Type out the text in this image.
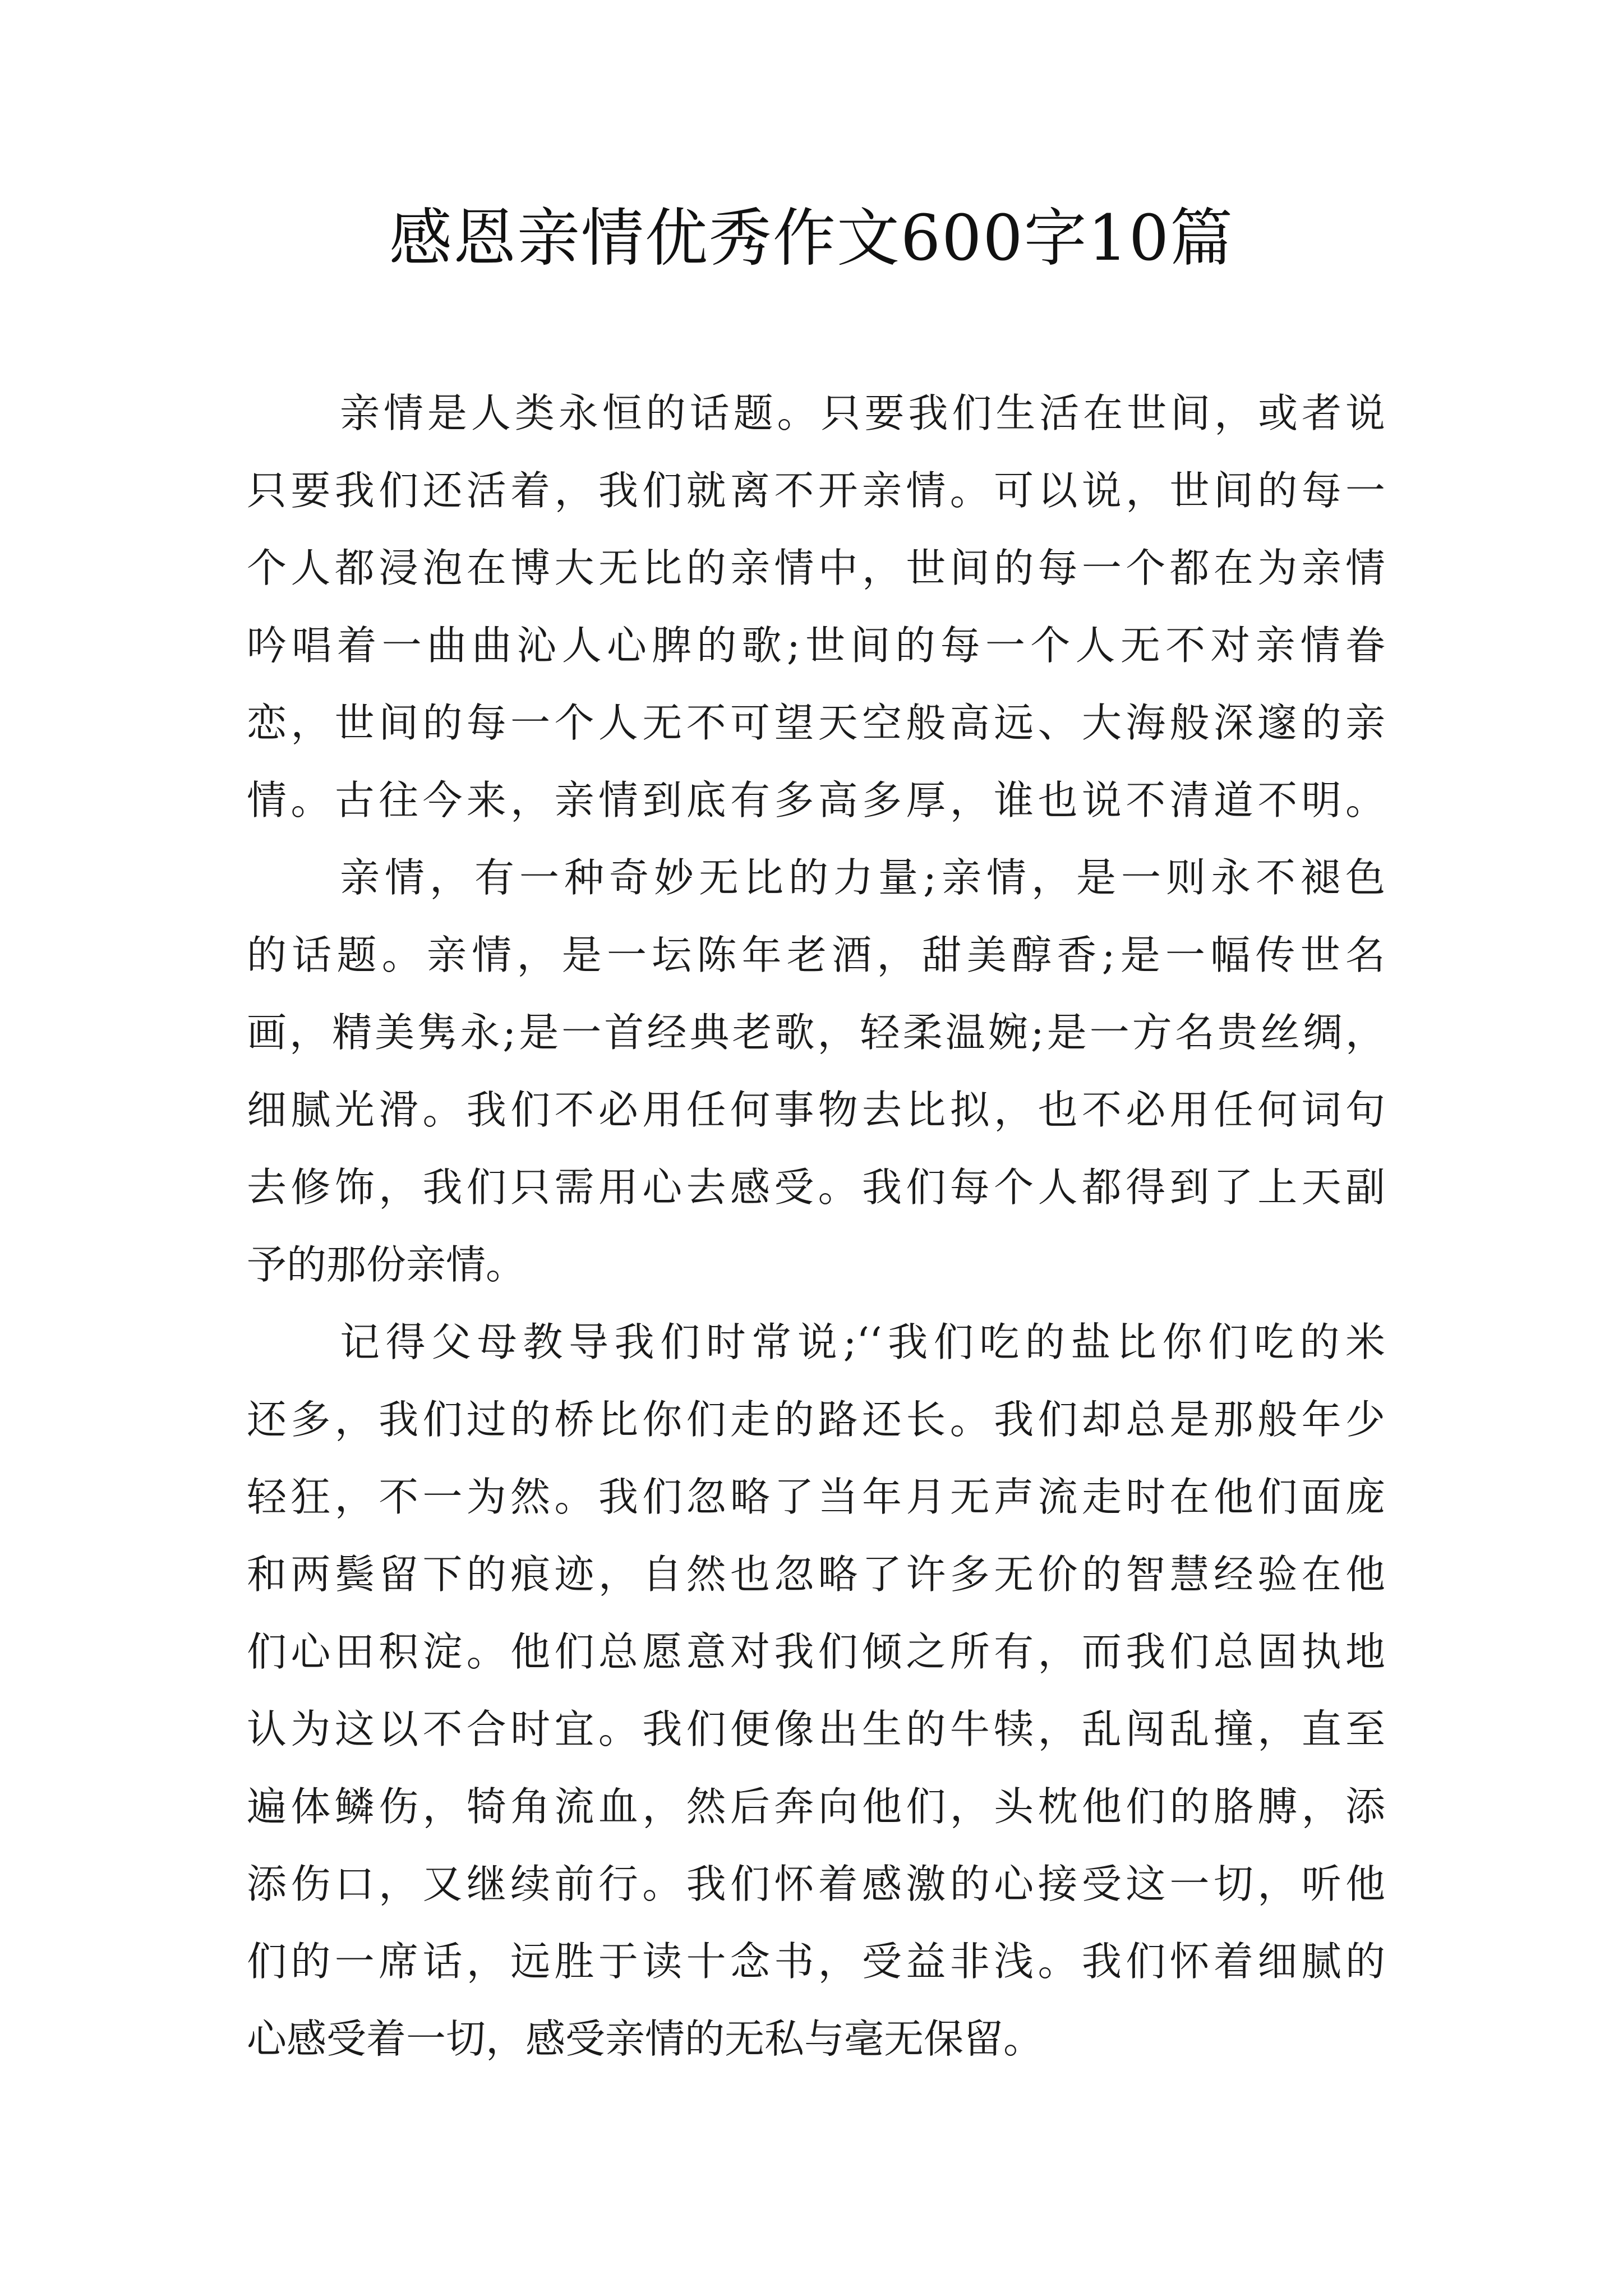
感恩亲情优秀作文600字10篇
亲情是人类永恒的话题。只要我们生活在世间，或者说
只要我们还活着，我们就离不开亲情。可以说，世间的每一
个人都浸泡在博大无比的亲情中，世间的每一个都在为亲情
吟唱着一曲曲沁人心脾的歌;世间的每一个人无不对亲情眷
恋，世间的每一个人无不可望天空般高远、大海般深邃的亲
情。古往今来，亲情到底有多高多厚，谁也说不清道不明。
亲情，有一种奇妙无比的力量;亲情，是一则永不褪色
的话题。亲情，是一坛陈年老酒，甜美醇香;是一幅传世名
画，精美隽永;是一首经典老歌，轻柔温婉;是一方名贵丝绸，
细腻光滑。我们不必用任何事物去比拟，也不必用任何词句
去修饰，我们只需用心去感受。我们每个人都得到了上天副
予的那份亲情。
记得父母教导我们时常说;‘‘我们吃的盐比你们吃的米
还多，我们过的桥比你们走的路还长。我们却总是那般年少
轻狂，不一为然。我们忽略了当年月无声流走时在他们面庞
和两鬓留下的痕迹，自然也忽略了许多无价的智慧经验在他
们心田积淀。他们总愿意对我们倾之所有，而我们总固执地
认为这以不合时宜。我们便像出生的牛犊，乱闯乱撞，直至
遍体鳞伤，犄角流血，然后奔向他们，头枕他们的胳膊，添
添伤口，又继续前行。我们怀着感激的心接受这一切，听他
们的一席话，远胜于读十念书，受益非浅。我们怀着细腻的
心感受着一切，感受亲情的无私与毫无保留。
